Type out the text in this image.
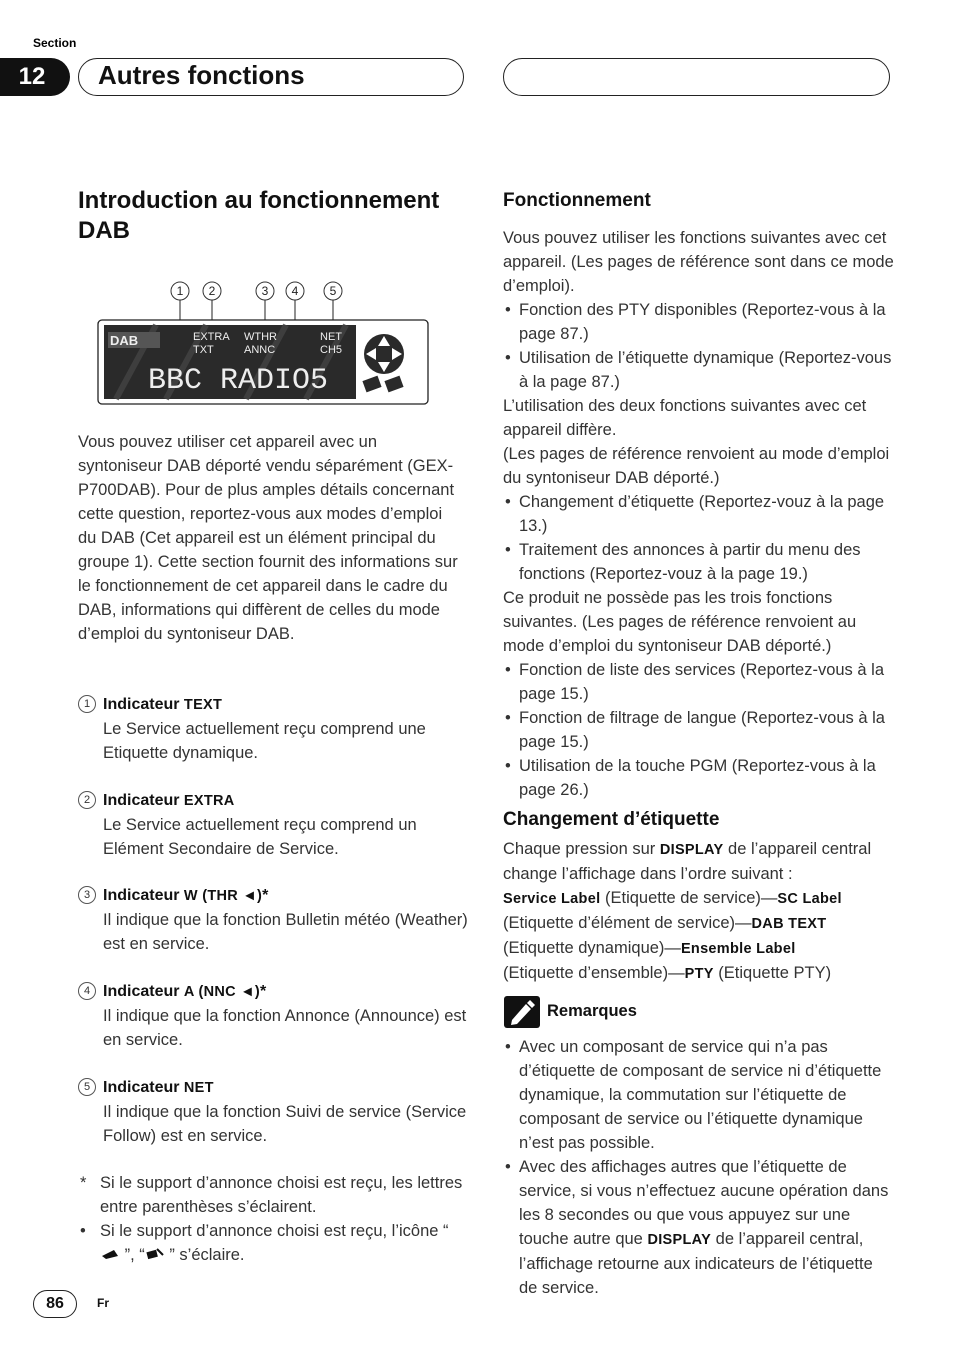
Section
12	Autres fonctions
Introduction au fonctionnement DAB
1 2	3 4	5
DAB	EXTRA
TXT
WTHR
ANNC
NET
CH5
BBC RADIO5
Vous pouvez utiliser cet appareil avec un syntoniseur DAB déporté vendu séparément (GEX-P700DAB). Pour de plus amples détails concernant cette question, reportez-vous aux modes d’emploi du DAB (Cet appareil est un élément principal du groupe 1). Cette section fournit des informations sur le fonctionnement de cet appareil dans le cadre du DAB, informations qui diffèrent de celles du mode d’emploi du syntoniseur DAB.
1 Indicateur TEXT
Le Service actuellement reçu comprend une Etiquette dynamique.
2 Indicateur EXTRA
Le Service actuellement reçu comprend un Elément Secondaire de Service.
3 Indicateur W (THR ◄)*
Il indique que la fonction Bulletin météo (Weather) est en service.
4 Indicateur A (NNC ◄)*
Il indique que la fonction Annonce (Announce) est en service.
5 Indicateur NET
Il indique que la fonction Suivi de service (Service Follow) est en service.
* Si le support d’annonce choisi est reçu, les lettres entre parenthèses s’éclairent.
• Si le support d’annonce choisi est reçu, l’icône “ ”, “ ” s’éclaire.
Fonctionnement

Vous pouvez utiliser les fonctions suivantes avec cet appareil. (Les pages de référence sont dans ce mode d’emploi).

• Fonction des PTY disponibles (Reportez-vous à la page 87.)
• Utilisation de l’étiquette dynamique (Reportez-vous à la page 87.)

L’utilisation des deux fonctions suivantes avec cet appareil diffère.

(Les pages de référence renvoient au mode d’emploi du syntoniseur DAB déporté.)

• Changement d’étiquette (Reportez-vouz à la page 13.)
• Traitement des annonces à partir du menu des fonctions (Reportez-vouz à la page 19.)

Ce produit ne possède pas les trois fonctions suivantes. (Les pages de référence renvoient au mode d’emploi du syntoniseur DAB déporté.)

• Fonction de liste des services (Reportez-vous à la page 15.)
• Fonction de filtrage de langue (Reportez-vous à la page 15.)
• Utilisation de la touche PGM (Reportez-vous à la page 26.)
Changement d’étiquette
Chaque pression sur DISPLAY de l’appareil central change l’affichage dans l’ordre suivant :
Service Label (Etiquette de service)—SC Label
(Etiquette d’élément de service)—DAB TEXT
(Etiquette dynamique)—Ensemble Label
(Etiquette d’ensemble)—PTY (Etiquette PTY)
Remarques
• Avec un composant de service qui n’a pas d’étiquette de composant de service ni d’étiquette dynamique, la commutation sur l’étiquette de composant de service ou l’étiquette dynamique n’est pas possible.
• Avec des affichages autres que l’étiquette de service, si vous n’effectuez aucune opération dans les 8 secondes ou que vous appuyez sur une touche autre que DISPLAY de l’appareil central, l’affichage retourne aux indicateurs de l’étiquette de service.
86	Fr
